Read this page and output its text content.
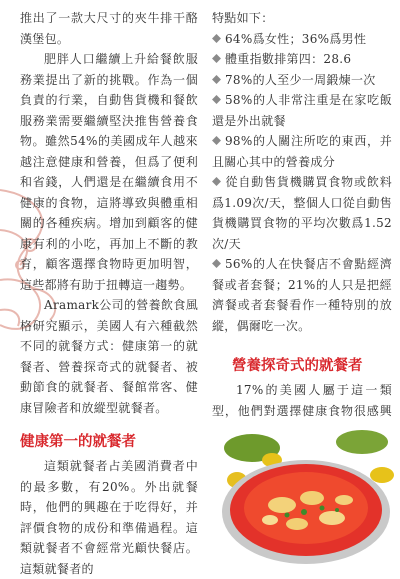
推出了一款大尺寸的夾牛排干酪漢堡包。

肥胖人口繼續上升給餐飲服務業提出了新的挑戰。作為一個負責的行業，自動售貨機和餐飲服務業需要繼續堅決推售營養食物。雖然54%的美國成年人越來越注意健康和營養，但爲了便利和省錢，人們還是在繼續食用不健康的食物，這將導致與體重相關的各種疾病。增加到顧客的健康有利的小吃，再加上不斷的教育，顧客選擇食物時更加明智，這些都將有助于扭轉這一趨勢。

Aramark公司的營養飲食風格研究顯示，美國人有六種截然不同的就餐方式：健康第一的就餐者、營養探奇式的就餐者、被動節食的就餐者、餐館常客、健康冒險者和放縱型就餐者。

健康第一的就餐者

這類就餐者占美國消費者中的最多數，有20%。外出就餐時，他們的興趣在于吃得好，并評價食物的成份和準備過程。這類就餐者不會經常光顧快餐店。這類就餐者的

特點如下：

64%爲女性；36%爲男性
體重指數排第四：28.6
78%的人至少一周鍛煉一次
58%的人非常注重是在家吃飯還是外出就餐
98%的人關注所吃的東西，并且關心其中的營養成分
從自動售貨機購買食物或飲料爲1.09次/天，整個人口從自動售貨機購買食物的平均次數爲1.52次/天
56%的人在快餐店不會點經濟餐或者套餐；21%的人只是把經濟餐或者套餐看作一種特別的放縱，偶爾吃一次。
營養探奇式的就餐者

17%的美國人屬于這一類型，他們對選擇健康食物很感興
